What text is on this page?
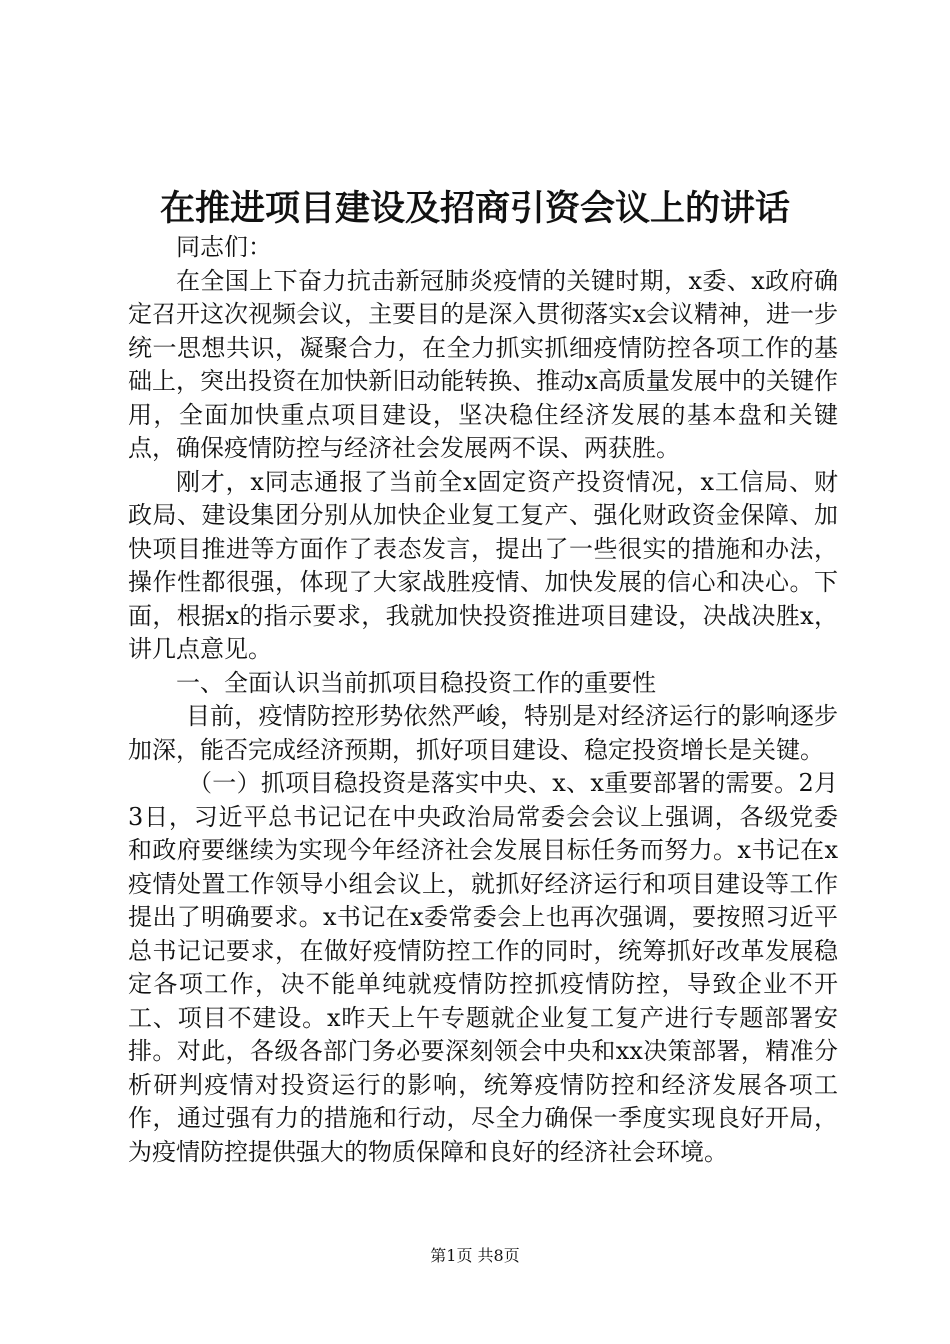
在推进项目建设及招商引资会议上的讲话

同志们：

在全国上下奋力抗击新冠肺炎疫情的关键时期，x委、x政府确定召开这次视频会议，主要目的是深入贯彻落实x会议精神，进一步统一思想共识，凝聚合力，在全力抓实抓细疫情防控各项工作的基础上，突出投资在加快新旧动能转换、推动x高质量发展中的关键作用，全面加快重点项目建设，坚决稳住经济发展的基本盘和关键点，确保疫情防控与经济社会发展两不误、两获胜。

刚才，x同志通报了当前全x固定资产投资情况，x工信局、财政局、建设集团分别从加快企业复工复产、强化财政资金保障、加快项目推进等方面作了表态发言，提出了一些很实的措施和办法，操作性都很强，体现了大家战胜疫情、加快发展的信心和决心。下面，根据x的指示要求，我就加快投资推进项目建设，决战决胜x，讲几点意见。

一、全面认识当前抓项目稳投资工作的重要性

目前，疫情防控形势依然严峻，特别是对经济运行的影响逐步加深，能否完成经济预期，抓好项目建设、稳定投资增长是关键。

（一）抓项目稳投资是落实中央、x、x重要部署的需要。2月3日，习近平总书记记在中央政治局常委会会议上强调，各级党委和政府要继续为实现今年经济社会发展目标任务而努力。x书记在x疫情处置工作领导小组会议上，就抓好经济运行和项目建设等工作提出了明确要求。x书记在x委常委会上也再次强调，要按照习近平总书记记要求，在做好疫情防控工作的同时，统筹抓好改革发展稳定各项工作，决不能单纯就疫情防控抓疫情防控，导致企业不开工、项目不建设。x昨天上午专题就企业复工复产进行专题部署安排。对此，各级各部门务必要深刻领会中央和xx决策部署，精准分析研判疫情对投资运行的影响，统筹疫情防控和经济发展各项工作，通过强有力的措施和行动，尽全力确保一季度实现良好开局，为疫情防控提供强大的物质保障和良好的经济社会环境。

第1页 共8页
